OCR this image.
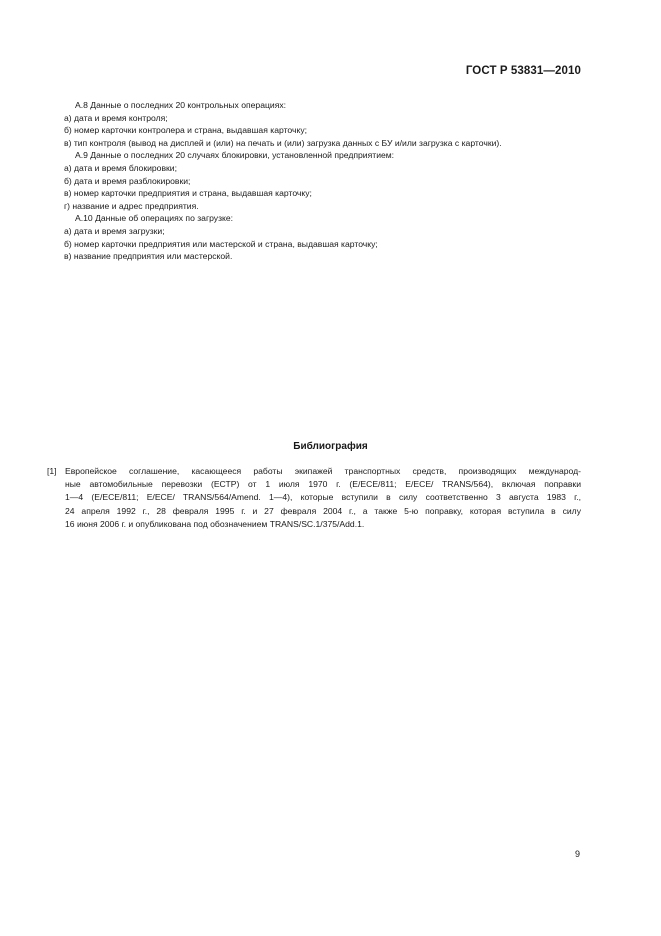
ГОСТ Р 53831—2010
А.8 Данные о последних 20 контрольных операциях:
а) дата и время контроля;
б) номер карточки контролера и страна, выдавшая карточку;
в) тип контроля (вывод на дисплей и (или) на печать и (или) загрузка данных с БУ и/или загрузка с карточки).
А.9 Данные о последних 20 случаях блокировки, установленной предприятием:
а) дата и время блокировки;
б) дата и время разблокировки;
в) номер карточки предприятия и страна, выдавшая карточку;
г) название и адрес предприятия.
А.10 Данные об операциях по загрузке:
а) дата и время загрузки;
б) номер карточки предприятия или мастерской и страна, выдавшая карточку;
в) название предприятия или мастерской.
Библиография
[1] Европейское соглашение, касающееся работы экипажей транспортных средств, производящих международ-
ные автомобильные перевозки (ЕСТР) от 1 июля 1970 г. (E/ECE/811; E/ECE/ TRANS/564), включая поправки
1—4 (E/ECE/811; E/ECE/ TRANS/564/Amend. 1—4), которые вступили в силу соответственно 3 августа 1983 г.,
24 апреля 1992 г., 28 февраля 1995 г. и 27 февраля 2004 г., а также 5-ю поправку, которая вступила в силу
16 июня 2006 г. и опубликована под обозначением TRANS/SC.1/375/Add.1.
9
